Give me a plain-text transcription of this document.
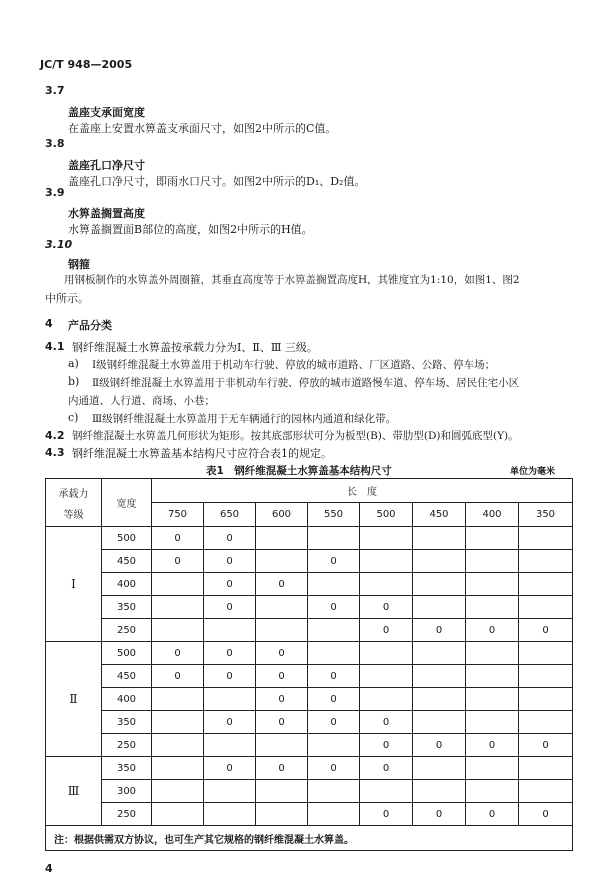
JC/T 948—2005
3.7
盖座支承面宽度
在盖座上安置水箅盖支承面尺寸，如图2中所示的C值。
3.8
盖座孔口净尺寸
盖座孔口净尺寸，即雨水口尺寸。如图2中所示的D₁、D₂值。
3.9
水箅盖搁置高度
水箅盖搁置面B部位的高度，如图2中所示的H值。
3.10
钢箍
用钢板制作的水箅盖外周圈箍，其垂直高度等于水箅盖搁置高度H，其锥度宜为1:10，如图1、图2
中所示。
4 产品分类
4.1 钢纤维混凝土水箅盖按承载力分为Ⅰ、Ⅱ、Ⅲ 三级。
a) Ⅰ级钢纤维混凝土水箅盖用于机动车行驶、停放的城市道路、厂区道路、公路、停车场；
b) Ⅱ级钢纤维混凝土水箅盖用于非机动车行驶、停放的城市道路慢车道、停车场、居民住宅小区
内通道、人行道、商场、小巷；
c) Ⅲ级钢纤维混凝土水箅盖用于无车辆通行的园林内通道和绿化带。
4.2 钢纤维混凝土水箅盖几何形状为矩形。按其底部形状可分为板型(B)、带肋型(D)和圆弧底型(Y)。
4.3 钢纤维混凝土水箅盖基本结构尺寸应符合表1的规定。
表1　钢纤维混凝土水箅盖基本结构尺寸	单位为毫米
承载力
等级	宽度	长　度							
		750	650	600	550	500	450	400	350
Ⅰ	500	0	0						
	450	0	0		0				
	400		0	0					
	350		0		0	0			
	250					0	0	0	0
Ⅱ	500	0	0	0					
	450	0	0	0	0				
	400			0	0				
	350		0	0	0	0			
	250					0	0	0	0
Ⅲ	350		0	0	0	0			
	300								
	250					0	0	0	0
注：根据供需双方协议，也可生产其它规格的钢纤维混凝土水箅盖。									
4
